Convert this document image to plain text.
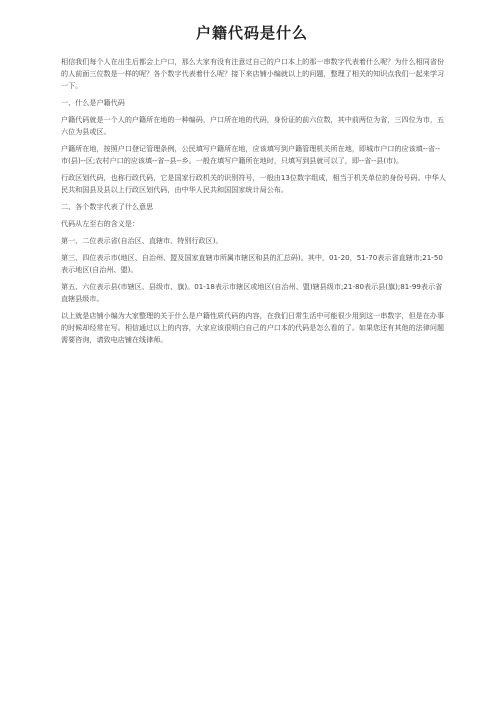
户籍代码是什么

相信我们每个人在出生后都会上户口，那么大家有没有注意过自己的户口本上的那一串数字代表着什么呢？为什么相同省份的人前面三位数是一样的呢？各个数字代表着什么呢？接下来店铺小编就以上的问题，整理了相关的知识点我们一起来学习一下。

一、什么是户籍代码

户籍代码就是一个人的户籍所在地的一种编码，户口所在地的代码，身份证的前六位数，其中前两位为省，三四位为市，五六位为县或区。

户籍所在地，按照户口登记管理条例，公民填写户籍所在地，应该填写到户籍管理机关所在地，即城市户口的应该填--省--市(县)--区;农村户口的应该填--省--县--乡。一般在填写户籍所在地时，只填写到县就可以了，即--省--县(市)。

行政区划代码，也称行政代码，它是国家行政机关的识别符号，一般由13位数字组成，相当于机关单位的身份号码。中华人民共和国县及县以上行政区划代码，由中华人民共和国国家统计局公布。

二、各个数字代表了什么意思

代码从左至右的含义是：

第一、二位表示省(自治区、直辖市、特别行政区)。

第三、四位表示市(地区、自治州、盟及国家直辖市所属市辖区和县的汇总码)。其中，01-20，51-70表示省直辖市;21-50表示地区(自治州、盟)。

第五、六位表示县(市辖区、县级市、旗)。01-18表示市辖区或地区(自治州、盟)辖县级市;21-80表示县(旗);81-99表示省直辖县级市。

以上就是店铺小编为大家整理的关于什么是户籍性质代码的内容，在我们日常生活中可能很少用到这一串数字，但是在办事的时候却经常在写。相信通过以上的内容，大家应该很明白自己的户口本的代码是怎么看的了。如果您还有其他的法律问题需要咨询，请致电店铺在线律师。
